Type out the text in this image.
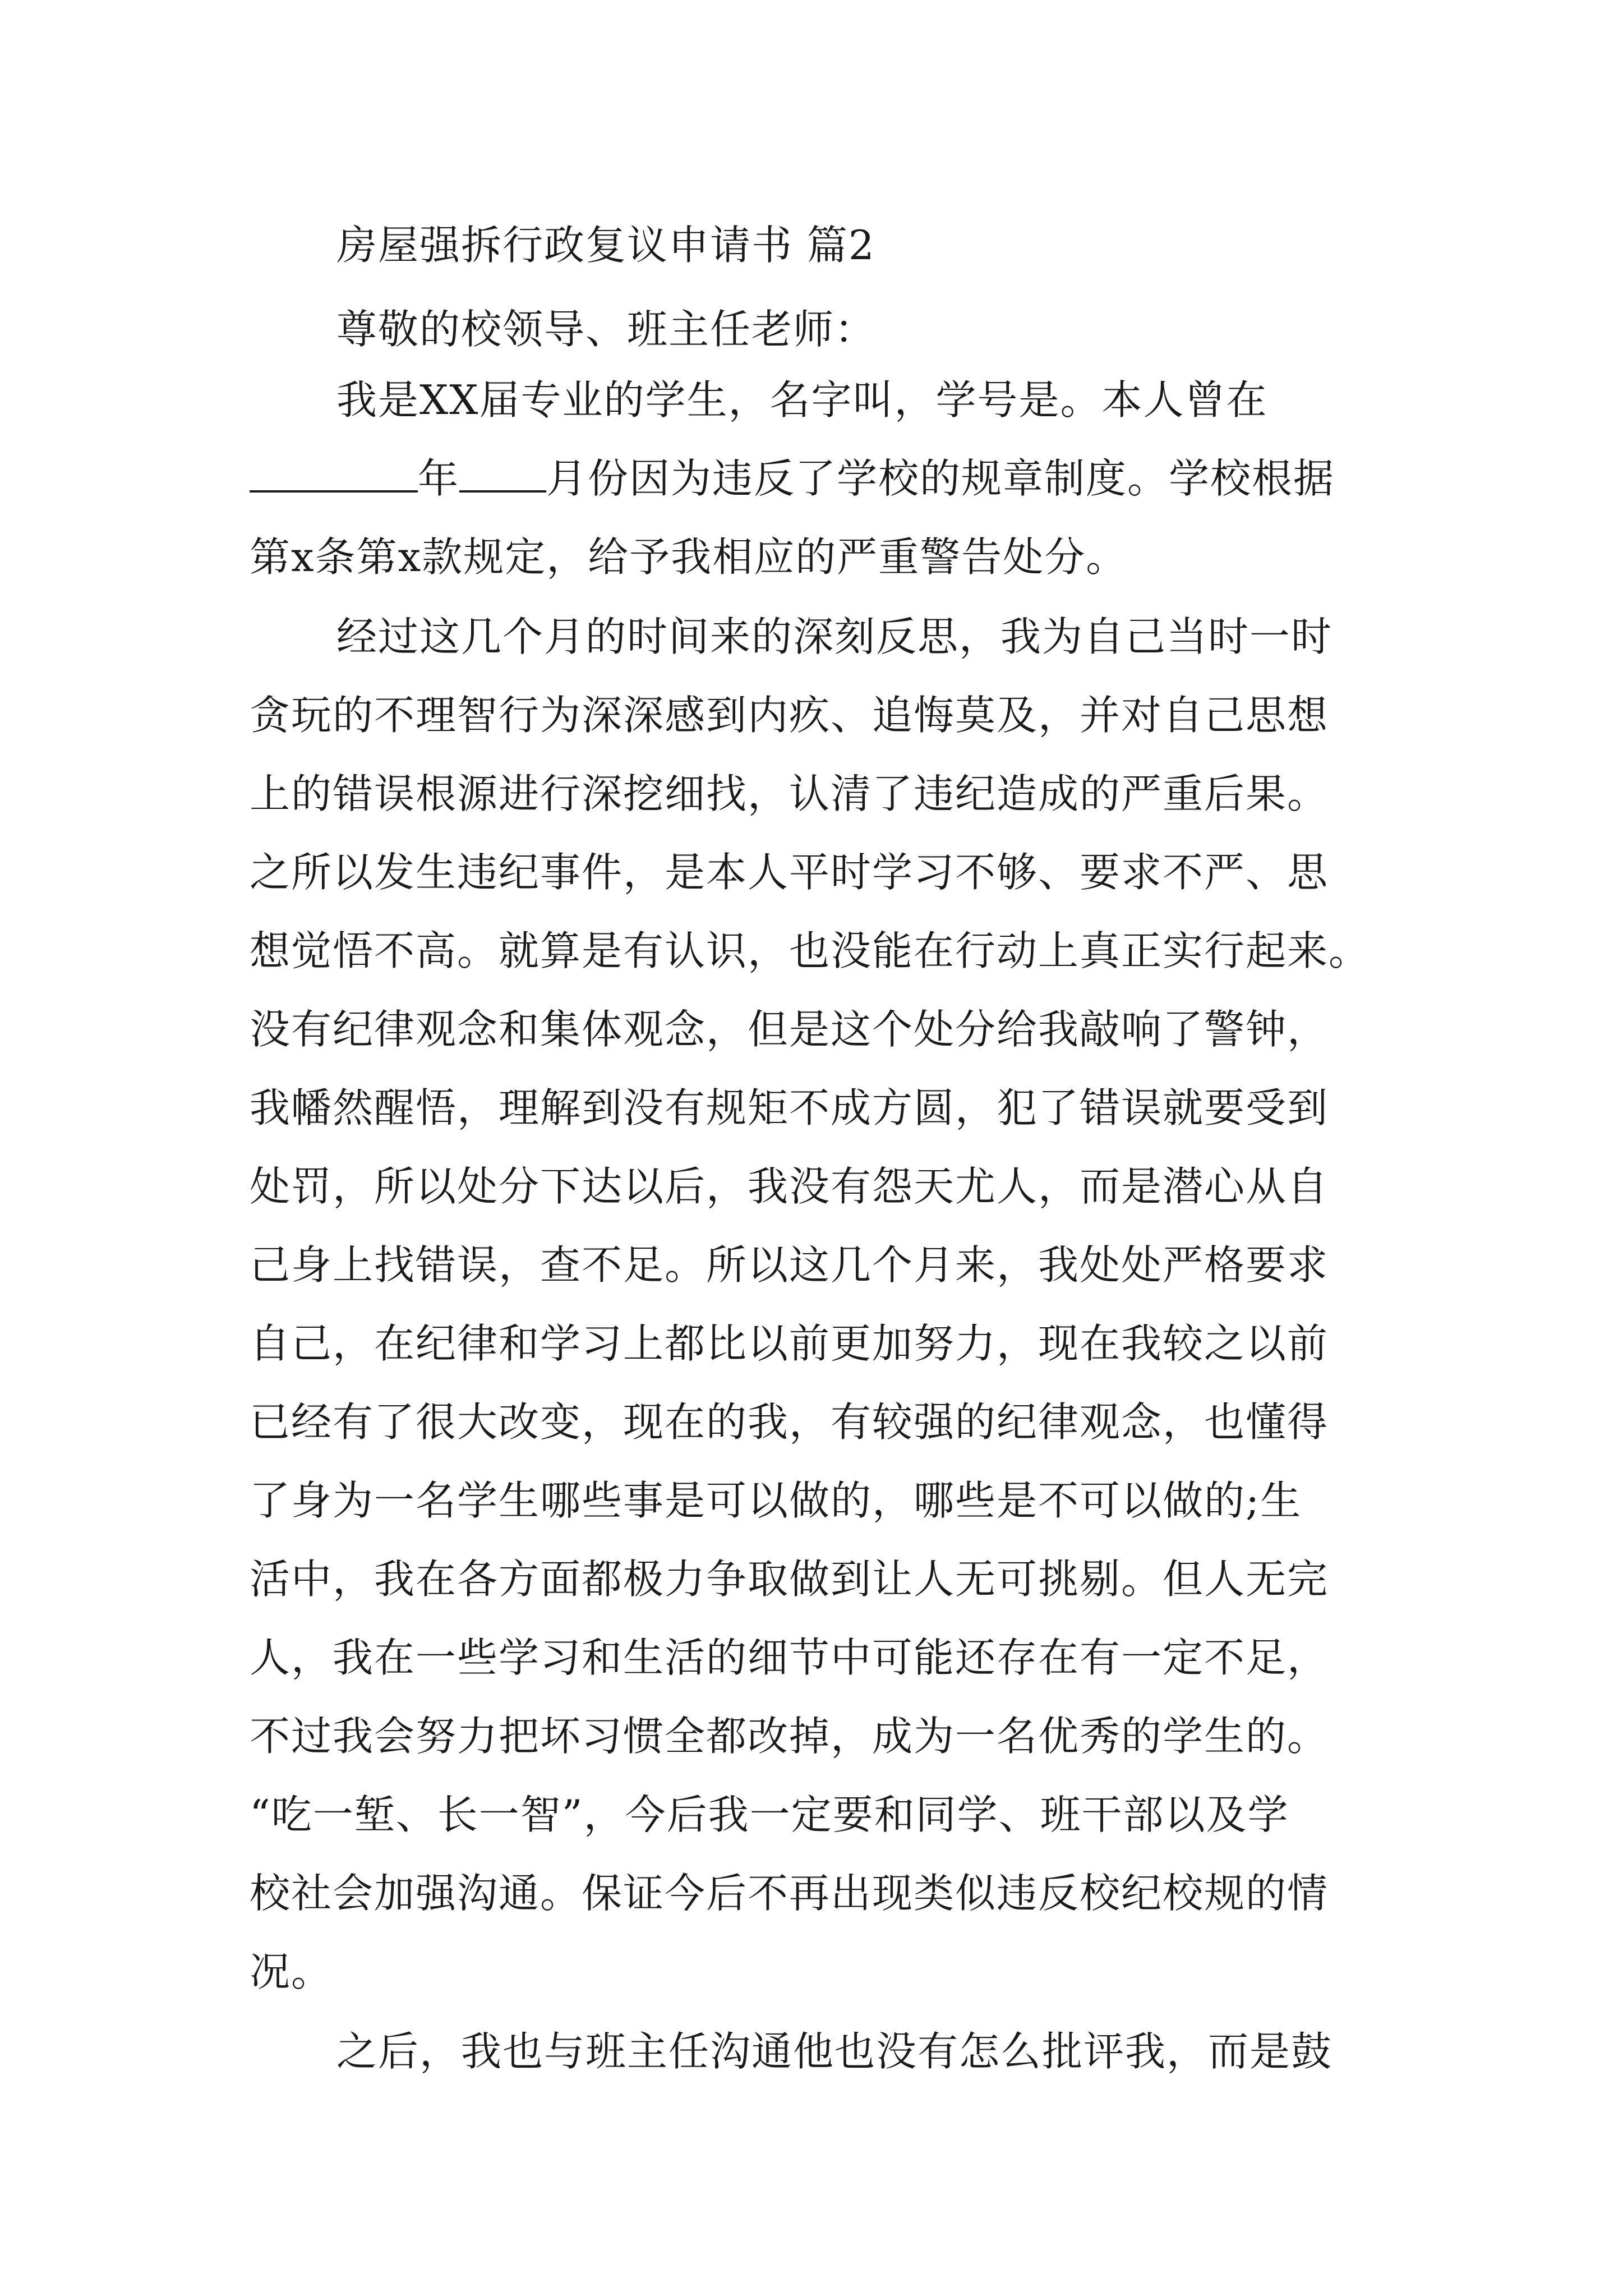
房屋强拆行政复议申请书 篇2

尊敬的校领导、班主任老师：

我是XX届专业的学生，名字叫，学号是。本人曾在

年 月份因为违反了学校的规章制度。学校根据

第x条第x款规定，给予我相应的严重警告处分。

经过这几个月的时间来的深刻反思，我为自己当时一时

贪玩的不理智行为深深感到内疚、追悔莫及，并对自己思想

上的错误根源进行深挖细找，认清了违纪造成的严重后果。

之所以发生违纪事件，是本人平时学习不够、要求不严、思

想觉悟不高。就算是有认识，也没能在行动上真正实行起来。

没有纪律观念和集体观念，但是这个处分给我敲响了警钟，

我幡然醒悟，理解到没有规矩不成方圆，犯了错误就要受到

处罚，所以处分下达以后，我没有怨天尤人，而是潜心从自

己身上找错误，查不足。所以这几个月来，我处处严格要求

自己，在纪律和学习上都比以前更加努力，现在我较之以前

已经有了很大改变，现在的我，有较强的纪律观念，也懂得

了身为一名学生哪些事是可以做的，哪些是不可以做的;生

活中，我在各方面都极力争取做到让人无可挑剔。但人无完

人，我在一些学习和生活的细节中可能还存在有一定不足，

不过我会努力把坏习惯全都改掉，成为一名优秀的学生的。

“吃一堑、长一智”，今后我一定要和同学、班干部以及学

校社会加强沟通。保证今后不再出现类似违反校纪校规的情

况。

之后，我也与班主任沟通他也没有怎么批评我，而是鼓
